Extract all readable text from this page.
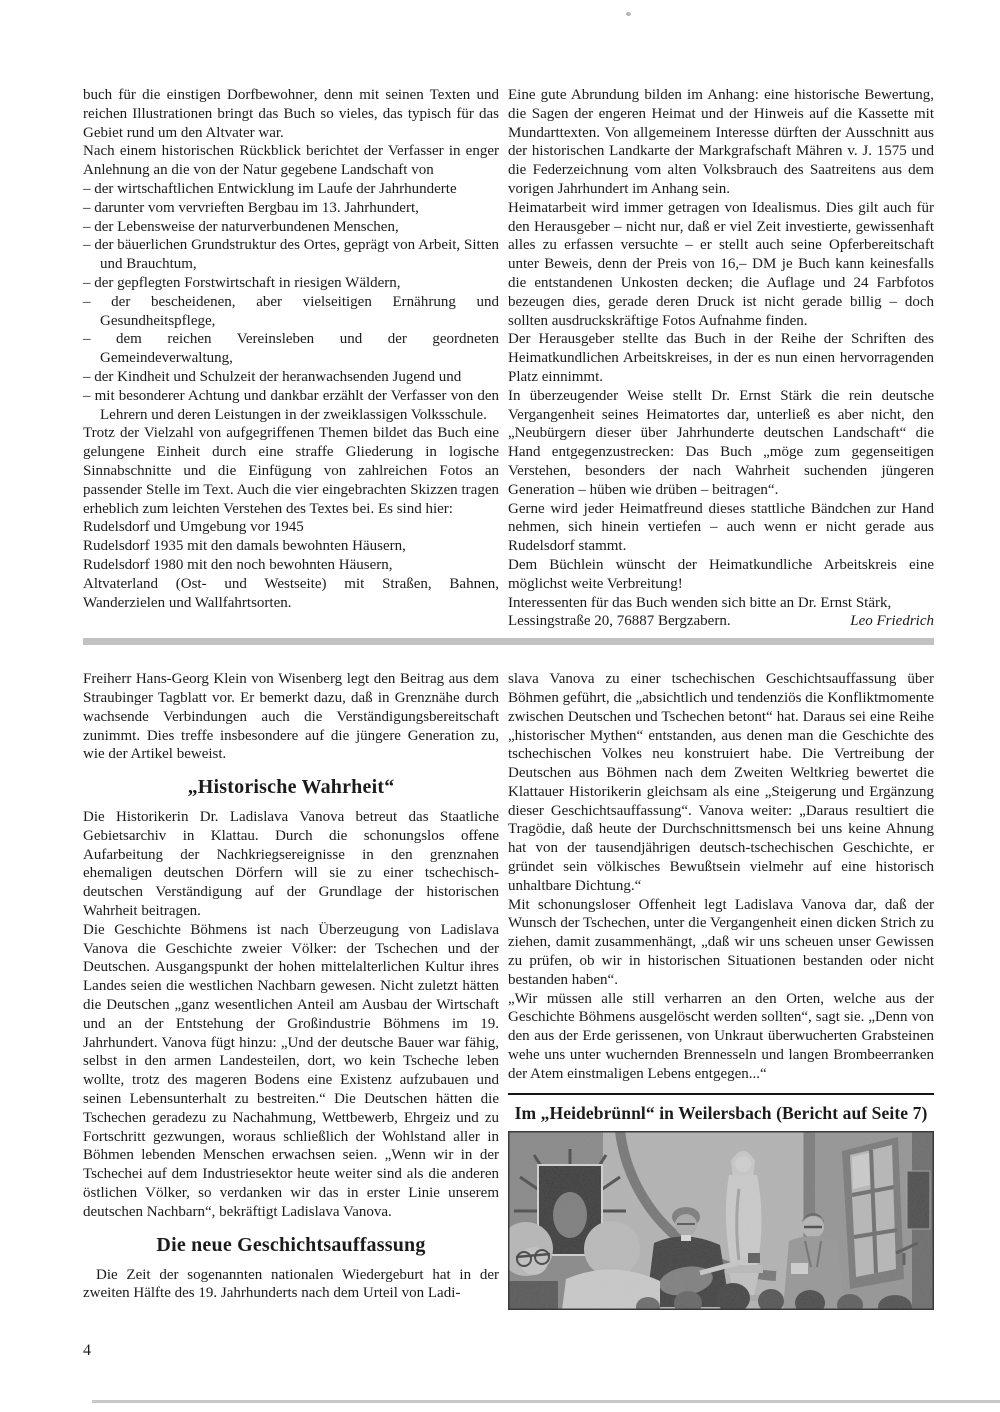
buch für die einstigen Dorfbewohner, denn mit seinen Texten und reichen Illustrationen bringt das Buch so vieles, das typisch für das Gebiet rund um den Altvater war.

Nach einem historischen Rückblick berichtet der Verfasser in enger Anlehnung an die von der Natur gegebene Landschaft von

– der wirtschaftlichen Entwicklung im Laufe der Jahrhunderte

– darunter vom vervrieften Bergbau im 13. Jahrhundert,

– der Lebensweise der naturverbundenen Menschen,

– der bäuerlichen Grundstruktur des Ortes, geprägt von Arbeit, Sitten und Brauchtum,

– der gepflegten Forstwirtschaft in riesigen Wäldern,

– der bescheidenen, aber vielseitigen Ernährung und Gesundheitspflege,

– dem reichen Vereinsleben und der geordneten Gemeindeverwaltung,

– der Kindheit und Schulzeit der heranwachsenden Jugend und

– mit besonderer Achtung und dankbar erzählt der Verfasser von den Lehrern und deren Leistungen in der zweiklassigen Volksschule.

Trotz der Vielzahl von aufgegriffenen Themen bildet das Buch eine gelungene Einheit durch eine straffe Gliederung in logische Sinnabschnitte und die Einfügung von zahlreichen Fotos an passender Stelle im Text. Auch die vier eingebrachten Skizzen tragen erheblich zum leichten Verstehen des Textes bei. Es sind hier:

Rudelsdorf und Umgebung vor 1945

Rudelsdorf 1935 mit den damals bewohnten Häusern,

Rudelsdorf 1980 mit den noch bewohnten Häusern,

Altvaterland (Ost- und Westseite) mit Straßen, Bahnen, Wanderzielen und Wallfahrtsorten.

Eine gute Abrundung bilden im Anhang: eine historische Bewertung, die Sagen der engeren Heimat und der Hinweis auf die Kassette mit Mundarttexten. Von allgemeinem Interesse dürften der Ausschnitt aus der historischen Landkarte der Markgrafschaft Mähren v. J. 1575 und die Federzeichnung vom alten Volksbrauch des Saatreitens aus dem vorigen Jahrhundert im Anhang sein.

Heimatarbeit wird immer getragen von Idealismus. Dies gilt auch für den Herausgeber – nicht nur, daß er viel Zeit investierte, gewissenhaft alles zu erfassen versuchte – er stellt auch seine Opferbereitschaft unter Beweis, denn der Preis von 16,– DM je Buch kann keinesfalls die entstandenen Unkosten decken; die Auflage und 24 Farbfotos bezeugen dies, gerade deren Druck ist nicht gerade billig – doch sollten ausdruckskräftige Fotos Aufnahme finden.

Der Herausgeber stellte das Buch in der Reihe der Schriften des Heimatkundlichen Arbeitskreises, in der es nun einen hervorragenden Platz einnimmt.

In überzeugender Weise stellt Dr. Ernst Stärk die rein deutsche Vergangenheit seines Heimatortes dar, unterließ es aber nicht, den „Neubürgern dieser über Jahrhunderte deutschen Landschaft“ die Hand entgegenzustrecken: Das Buch „möge zum gegenseitigen Verstehen, besonders der nach Wahrheit suchenden jüngeren Generation – hüben wie drüben – beitragen“.

Gerne wird jeder Heimatfreund dieses stattliche Bändchen zur Hand nehmen, sich hinein vertiefen – auch wenn er nicht gerade aus Rudelsdorf stammt.

Dem Büchlein wünscht der Heimatkundliche Arbeitskreis eine möglichst weite Verbreitung!

Interessenten für das Buch wenden sich bitte an Dr. Ernst Stärk,

Lessingstraße 20, 76887 Bergzabern.	Leo Friedrich

Freiherr Hans-Georg Klein von Wisenberg legt den Beitrag aus dem Straubinger Tagblatt vor. Er bemerkt dazu, daß in Grenznähe durch wachsende Verbindungen auch die Verständigungsbereitschaft zunimmt. Dies treffe insbesondere auf die jüngere Generation zu, wie der Artikel beweist.

„Historische Wahrheit“

Die Historikerin Dr. Ladislava Vanova betreut das Staatliche Gebietsarchiv in Klattau. Durch die schonungslos offene Aufarbeitung der Nachkriegsereignisse in den grenznahen ehemaligen deutschen Dörfern will sie zu einer tschechisch-deutschen Verständigung auf der Grundlage der historischen Wahrheit beitragen.

Die Geschichte Böhmens ist nach Überzeugung von Ladislava Vanova die Geschichte zweier Völker: der Tschechen und der Deutschen. Ausgangspunkt der hohen mittelalterlichen Kultur ihres Landes seien die westlichen Nachbarn gewesen. Nicht zuletzt hätten die Deutschen „ganz wesentlichen Anteil am Ausbau der Wirtschaft und an der Entstehung der Großindustrie Böhmens im 19. Jahrhundert. Vanova fügt hinzu: „Und der deutsche Bauer war fähig, selbst in den armen Landesteilen, dort, wo kein Tscheche leben wollte, trotz des mageren Bodens eine Existenz aufzubauen und seinen Lebensunterhalt zu bestreiten.“ Die Deutschen hätten die Tschechen geradezu zu Nachahmung, Wettbewerb, Ehrgeiz und zu Fortschritt gezwungen, woraus schließlich der Wohlstand aller in Böhmen lebenden Menschen erwachsen seien. „Wenn wir in der Tschechei auf dem Industriesektor heute weiter sind als die anderen östlichen Völker, so verdanken wir das in erster Linie unserem deutschen Nachbarn“, bekräftigt Ladislava Vanova.

Die neue Geschichtsauffassung

Die Zeit der sogenannten nationalen Wiedergeburt hat in der zweiten Hälfte des 19. Jahrhunderts nach dem Urteil von Ladi-

slava Vanova zu einer tschechischen Geschichtsauffassung über Böhmen geführt, die „absichtlich und tendenziös die Konfliktmomente zwischen Deutschen und Tschechen betont“ hat. Daraus sei eine Reihe „historischer Mythen“ entstanden, aus denen man die Geschichte des tschechischen Volkes neu konstruiert habe. Die Vertreibung der Deutschen aus Böhmen nach dem Zweiten Weltkrieg bewertet die Klattauer Historikerin gleichsam als eine „Steigerung und Ergänzung dieser Geschichtsauffassung“. Vanova weiter: „Daraus resultiert die Tragödie, daß heute der Durchschnittsmensch bei uns keine Ahnung hat von der tausendjährigen deutsch-tschechischen Geschichte, er gründet sein völkisches Bewußtsein vielmehr auf eine historisch unhaltbare Dichtung.“

Mit schonungsloser Offenheit legt Ladislava Vanova dar, daß der Wunsch der Tschechen, unter die Vergangenheit einen dicken Strich zu ziehen, damit zusammenhängt, „daß wir uns scheuen unser Gewissen zu prüfen, ob wir in historischen Situationen bestanden oder nicht bestanden haben“.

„Wir müssen alle still verharren an den Orten, welche aus der Geschichte Böhmens ausgelöscht werden sollten“, sagt sie. „Denn von den aus der Erde gerissenen, von Unkraut überwucherten Grabsteinen wehe uns unter wuchernden Brennesseln und langen Brombeerranken der Atem einstmaligen Lebens entgegen...“

Im „Heidebrünnl“ in Weilersbach (Bericht auf Seite 7)
4
